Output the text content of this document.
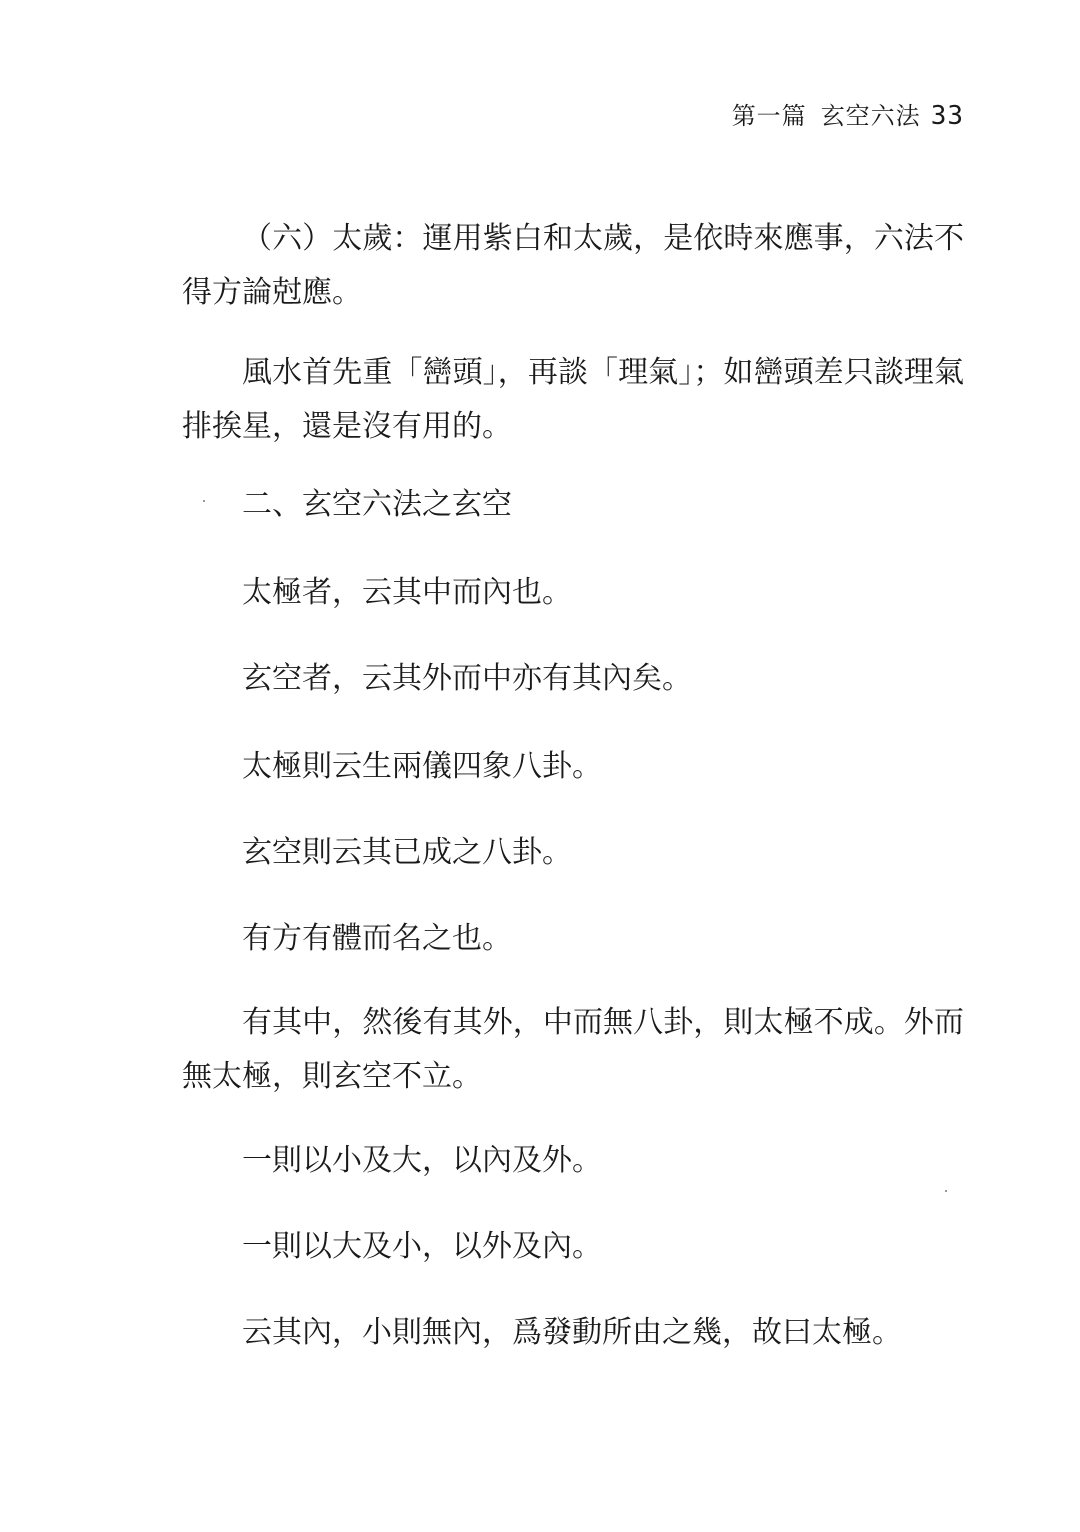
第一篇 玄空六法 33

（六）太歲：運用紫白和太歲，是依時來應事，六法不得方論尅應。

風水首先重「巒頭」，再談「理氣」；如巒頭差只談理氣排挨星，還是沒有用的。

二、玄空六法之玄空

太極者，云其中而內也。

玄空者，云其外而中亦有其內矣。

太極則云生兩儀四象八卦。

玄空則云其已成之八卦。

有方有體而名之也。

有其中，然後有其外，中而無八卦，則太極不成。外而無太極，則玄空不立。

一則以小及大，以內及外。

一則以大及小，以外及內。

云其內，小則無內，爲發動所由之幾，故曰太極。
